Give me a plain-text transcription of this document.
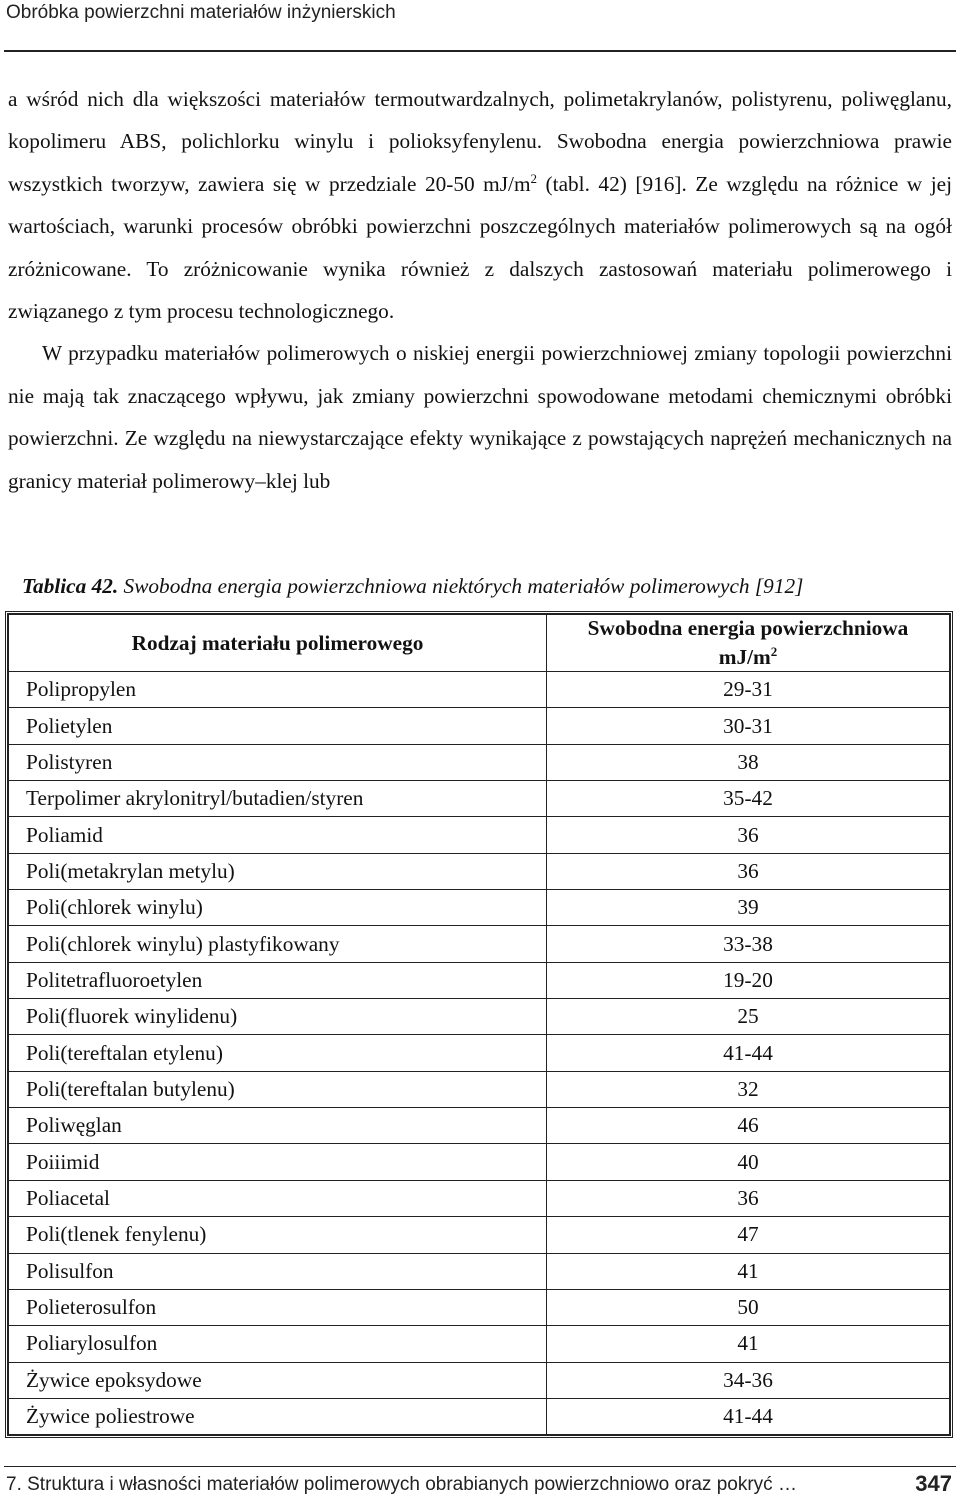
Obróbka powierzchni materiałów inżynierskich

a wśród nich dla większości materiałów termoutwardzalnych, polimetakrylanów, polistyrenu, poliwęglanu, kopolimeru ABS, polichlorku winylu i polioksyfenylenu. Swobodna energia powierzchniowa prawie wszystkich tworzyw, zawiera się w przedziale 20-50 $mJ/m^2$ (tabl. 42) [916]. Ze względu na różnice w jej wartościach, warunki procesów obróbki powierzchni poszczególnych materiałów polimerowych są na ogół zróżnicowane. To zróżnicowanie wynika również z dalszych zastosowań materiału polimerowego i związanego z tym procesu technologicznego.

W przypadku materiałów polimerowych o niskiej energii powierzchniowej zmiany topologii powierzchni nie mają tak znaczącego wpływu, jak zmiany powierzchni spowodowane metodami chemicznymi obróbki powierzchni. Ze względu na niewystarczające efekty wynikające z powstających naprężeń mechanicznych na granicy materiał polimerowy–klej lub

Tablica 42. Swobodna energia powierzchniowa niektórych materiałów polimerowych [912]
Rodzaj materiału polimerowego	Swobodna energia powierzchniowa
$mJ/m^2$
Polipropylen	29-31
Polietylen	30-31
Polistyren	38
Terpolimer akrylonitryl/butadien/styren	35-42
Poliamid	36
Poli(metakrylan metylu)	36
Poli(chlorek winylu)	39
Poli(chlorek winylu) plastyfikowany	33-38
Politetrafluoroetylen	19-20
Poli(fluorek winylidenu)	25
Poli(tereftalan etylenu)	41-44
Poli(tereftalan butylenu)	32
Poliwęglan	46
Poiiimid	40
Poliacetal	36
Poli(tlenek fenylenu)	47
Polisulfon	41
Polieterosulfon	50
Poliarylosulfon	41
Żywice epoksydowe	34-36
Żywice poliestrowe	41-44
7. Struktura i własności materiałów polimerowych obrabianych powierzchniowo oraz pokryć …	347
